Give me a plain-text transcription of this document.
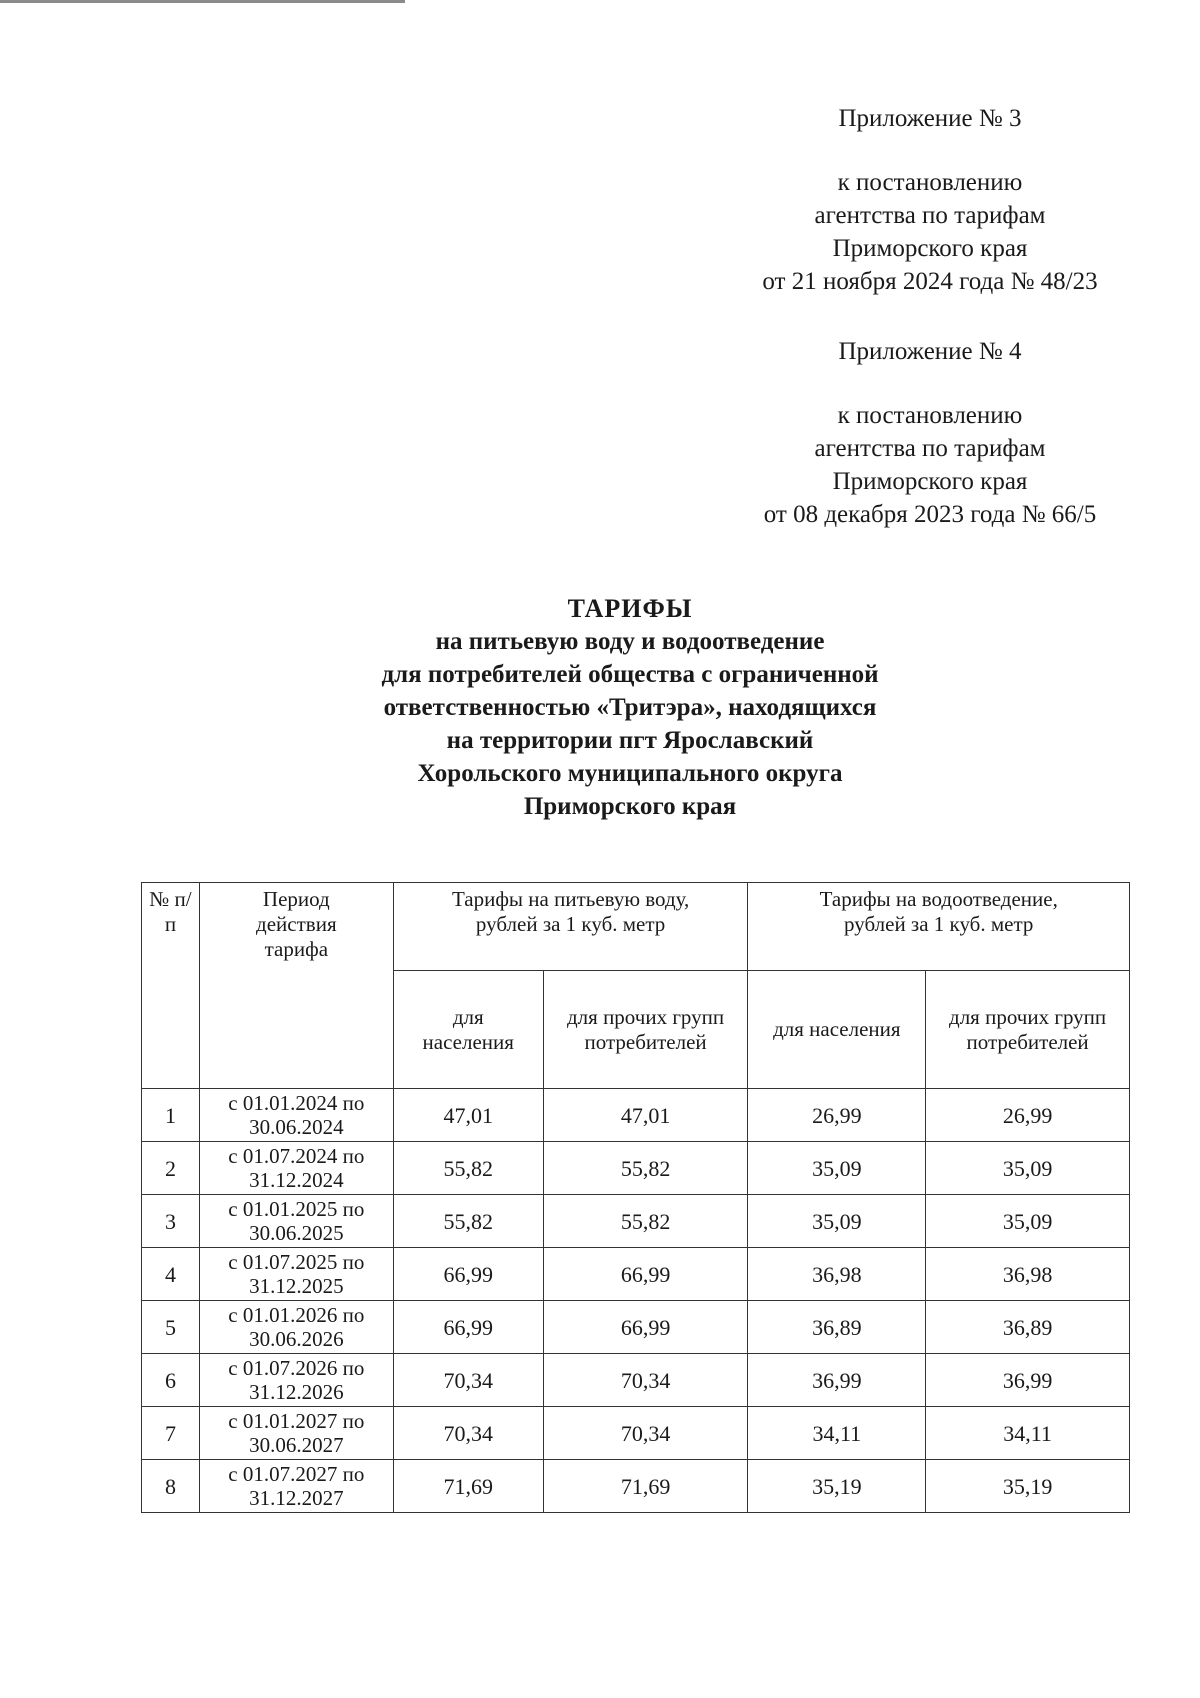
Приложение № 3

к постановлению

агентства по тарифам

Приморского края

от 21 ноября 2024 года № 48/23

Приложение № 4

к постановлению

агентства по тарифам

Приморского края

от 08 декабря 2023 года № 66/5

ТАРИФЫ

на питьевую воду и водоотведение

для потребителей общества с ограниченной

ответственностью «Тритэра», находящихся

на территории пгт Ярославский

Хорольского муниципального округа

Приморского края

№ п/п	Период действия тарифа	Тарифы на питьевую воду, рублей за 1 куб. метр		Тарифы на водоотведение, рублей за 1 куб. метр	
		для населения	для прочих групп потребителей	для населения	для прочих групп потребителей
1	с 01.01.2024 по 30.06.2024	47,01	47,01	26,99	26,99
2	с 01.07.2024 по 31.12.2024	55,82	55,82	35,09	35,09
3	с 01.01.2025 по 30.06.2025	55,82	55,82	35,09	35,09
4	с 01.07.2025 по 31.12.2025	66,99	66,99	36,98	36,98
5	с 01.01.2026 по 30.06.2026	66,99	66,99	36,89	36,89
6	с 01.07.2026 по 31.12.2026	70,34	70,34	36,99	36,99
7	с 01.01.2027 по 30.06.2027	70,34	70,34	34,11	34,11
8	с 01.07.2027 по 31.12.2027	71,69	71,69	35,19	35,19
